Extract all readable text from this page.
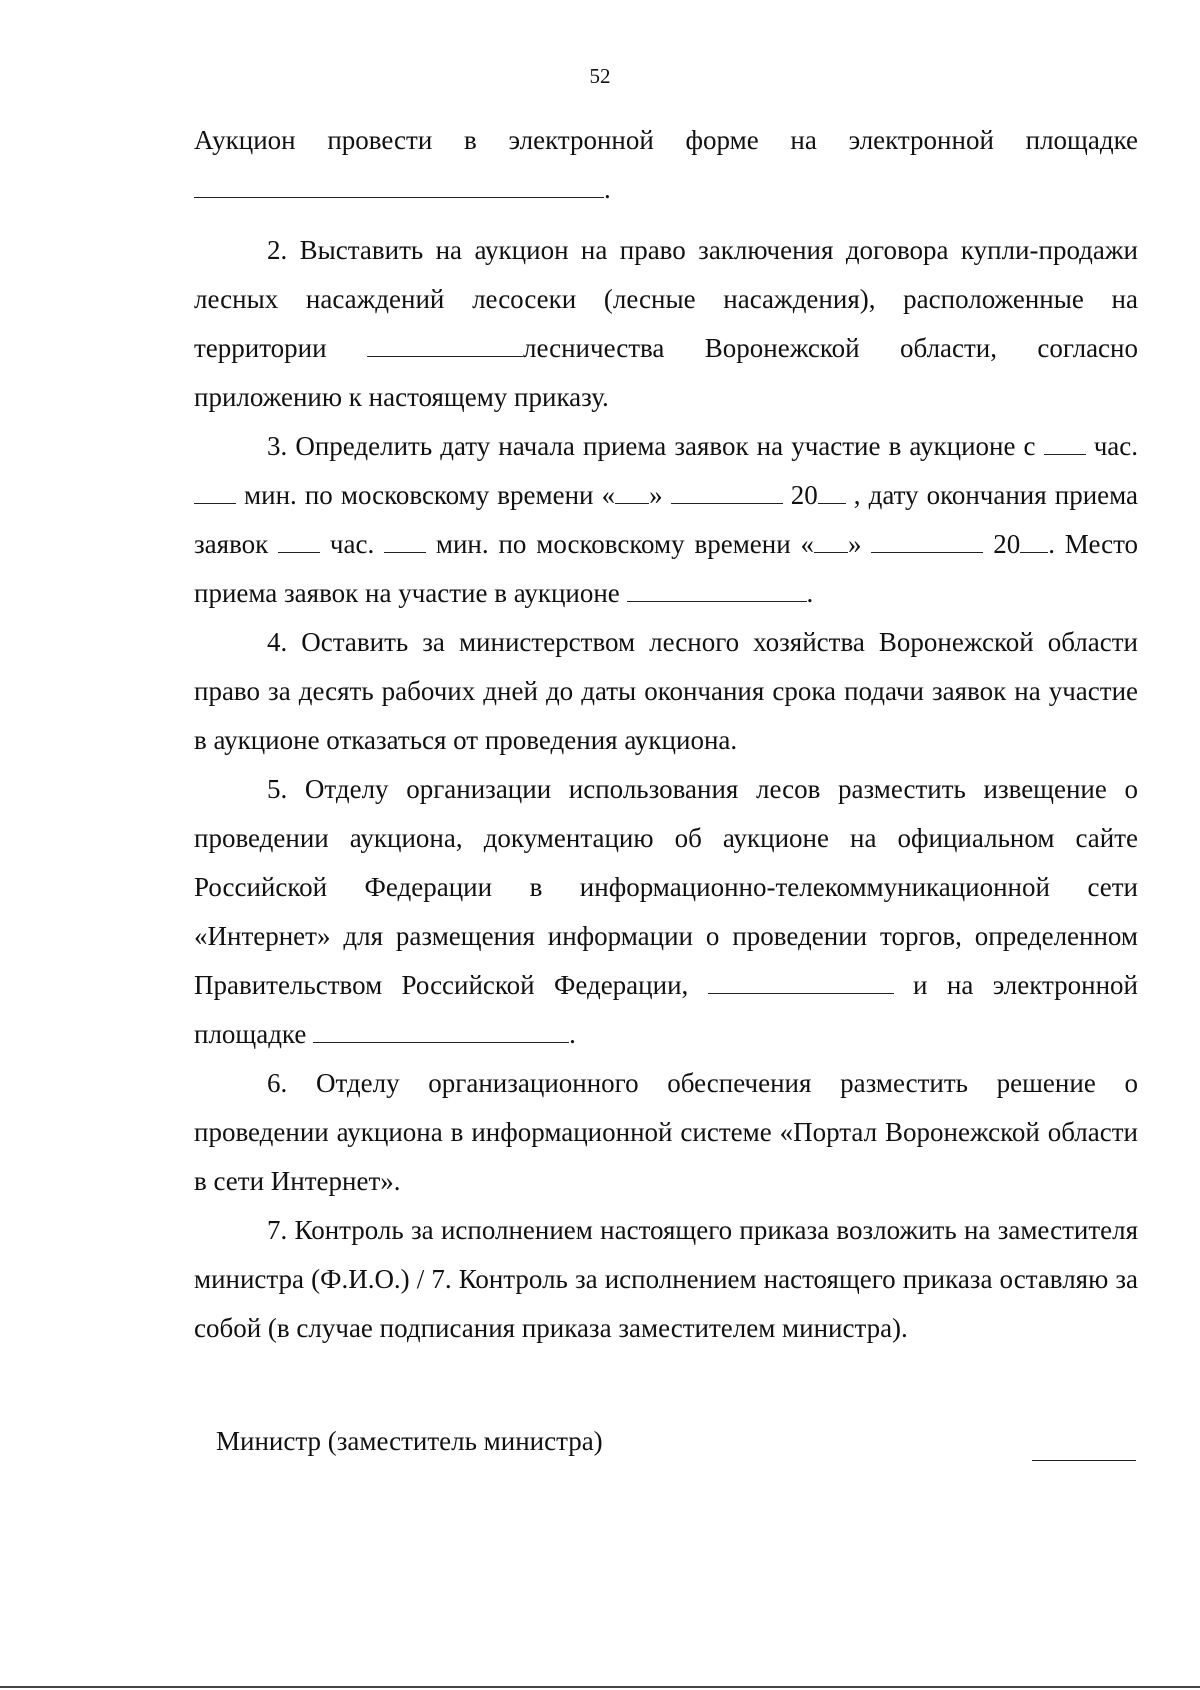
52

Аукцион провести в электронной форме на электронной площадке

.

2. Выставить на аукцион на право заключения договора купли-продажи лесных насаждений лесосеки (лесные насаждения), расположенные на территории	лесничества Воронежской области, согласно приложению к настоящему приказу.

3. Определить дату начала приема заявок на участие в аукционе с  час.  мин. по московскому времени « »	20 , дату окончания приема заявок  час.  мин. по московскому времени « »	20 . Место приема заявок на участие в аукционе	.

4. Оставить за министерством лесного хозяйства Воронежской области право за десять рабочих дней до даты окончания срока подачи заявок на участие в аукционе отказаться от проведения аукциона.

5. Отделу организации использования лесов разместить извещение о проведении аукциона, документацию об аукционе на официальном сайте Российской Федерации в информационно-телекоммуникационной сети «Интернет» для размещения информации о проведении торгов, определенном Правительством Российской Федерации,	и на электронной площадке	.

6. Отделу организационного обеспечения разместить решение о проведении аукциона в информационной системе «Портал Воронежской области в сети Интернет».

7. Контроль за исполнением настоящего приказа возложить на заместителя министра (Ф.И.О.) / 7. Контроль за исполнением настоящего приказа оставляю за собой (в случае подписания приказа заместителем министра).

Министр (заместитель министра)
